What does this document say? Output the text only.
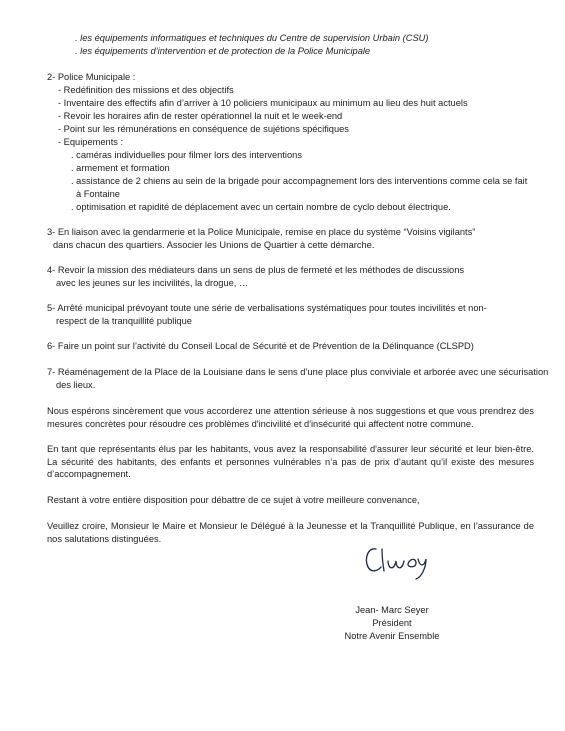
. les équipements informatiques et techniques du Centre de supervision Urbain (CSU)
. les équipements d’intervention et de protection de la Police Municipale
2- Police Municipale :
- Redéfinition des missions et des objectifs
- Inventaire des effectifs afin d’arriver à 10 policiers municipaux au minimum au lieu des huit actuels
- Revoir les horaires afin de rester opérationnel la nuit et le week-end
- Point sur les rémunérations en conséquence de sujétions spécifiques
- Equipements :
. caméras individuelles pour filmer lors des interventions
. armement et formation
. assistance de 2 chiens au sein de la brigade pour accompagnement lors des interventions comme cela se fait
à Fontaine
. optimisation et rapidité de déplacement avec un certain nombre de cyclo debout électrique.
3- En liaison avec la gendarmerie et la Police Municipale, remise en place du système “Voisins vigilants”
dans chacun des quartiers. Associer les Unions de Quartier à cette démarche.
4- Revoir la mission des médiateurs dans un sens de plus de fermeté et les méthodes de discussions
avec les jeunes sur les incivilités, la drogue, …
5- Arrêté municipal prévoyant toute une série de verbalisations systématiques pour toutes incivilités et non-
respect de la tranquillité publique
6- Faire un point sur l’activité du Conseil Local de Sécurité et de Prévention de la Délinquance (CLSPD)
7- Réaménagement de la Place de la Louisiane dans le sens d’une place plus conviviale et arborée avec une sécurisation
des lieux.
Nous espérons sincèrement que vous accorderez une attention sérieuse à nos suggestions et que vous prendrez des mesures concrètes pour résoudre ces problèmes d'incivilité et d'insécurité qui affectent notre commune.
En tant que représentants élus par les habitants, vous avez la responsabilité d'assurer leur sécurité et leur bien-être. La sécurité des habitants, des enfants et personnes vulnérables n’a pas de prix d’autant qu’il existe des mesures d’accompagnement.
Restant à votre entière disposition pour débattre de ce sujet à votre meilleure convenance,
Veuillez croire, Monsieur le Maire et Monsieur le Délégué à la Jeunesse et la Tranquillité Publique, en l’assurance de nos salutations distinguées.
Jean- Marc Seyer
Président
Notre Avenir Ensemble
